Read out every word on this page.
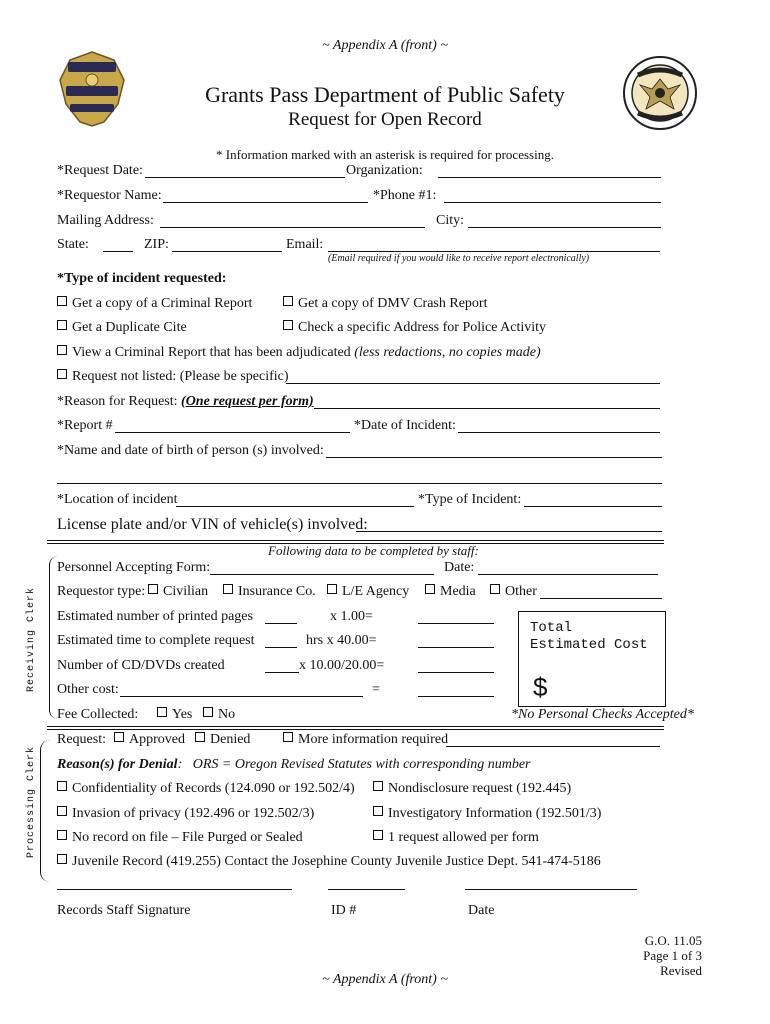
~ Appendix A (front) ~
Grants Pass Department of Public Safety
Request for Open Record
* Information marked with an asterisk is required for processing.
*Request Date:	Organization:
*Requestor Name:	*Phone #1:
Mailing Address:	City:
State:	ZIP:	Email:
(Email required if you would like to receive report electronically)
*Type of incident requested:
Get a copy of a Criminal Report	Get a copy of DMV Crash Report
Get a Duplicate Cite	Check a specific Address for Police Activity
View a Criminal Report that has been adjudicated (less redactions, no copies made)
Request not listed: (Please be specific)
*Reason for Request: (One request per form)
*Report #	*Date of Incident:
*Name and date of birth of person (s) involved:
*Location of incident	*Type of Incident:
License plate and/or VIN of vehicle(s) involved:
Following data to be completed by staff:
Receiving Clerk
Personnel Accepting Form:	Date:
Requestor type:	Civilian	Insurance Co.	L/E Agency	Media	Other
Estimated number of printed pages	x 1.00=
Estimated time to complete request	hrs x 40.00=
Number of CD/DVDs created	x 10.00/20.00=
Other cost:	=
Total
Estimated Cost
$
Fee Collected:	Yes	No	*No Personal Checks Accepted*
Processing Clerk
Request:	Approved	Denied	More information required
Reason(s) for Denial:   ORS = Oregon Revised Statutes with corresponding number
Confidentiality of Records (124.090 or 192.502/4)	Nondisclosure request (192.445)
Invasion of privacy (192.496 or 192.502/3)	Investigatory Information (192.501/3)
No record on file – File Purged or Sealed	1 request allowed per form
Juvenile Record (419.255) Contact the Josephine County Juvenile Justice Dept. 541-474-5186
Records Staff Signature	ID #	Date
G.O. 11.05
Page 1 of 3
Revised
~ Appendix A (front) ~
